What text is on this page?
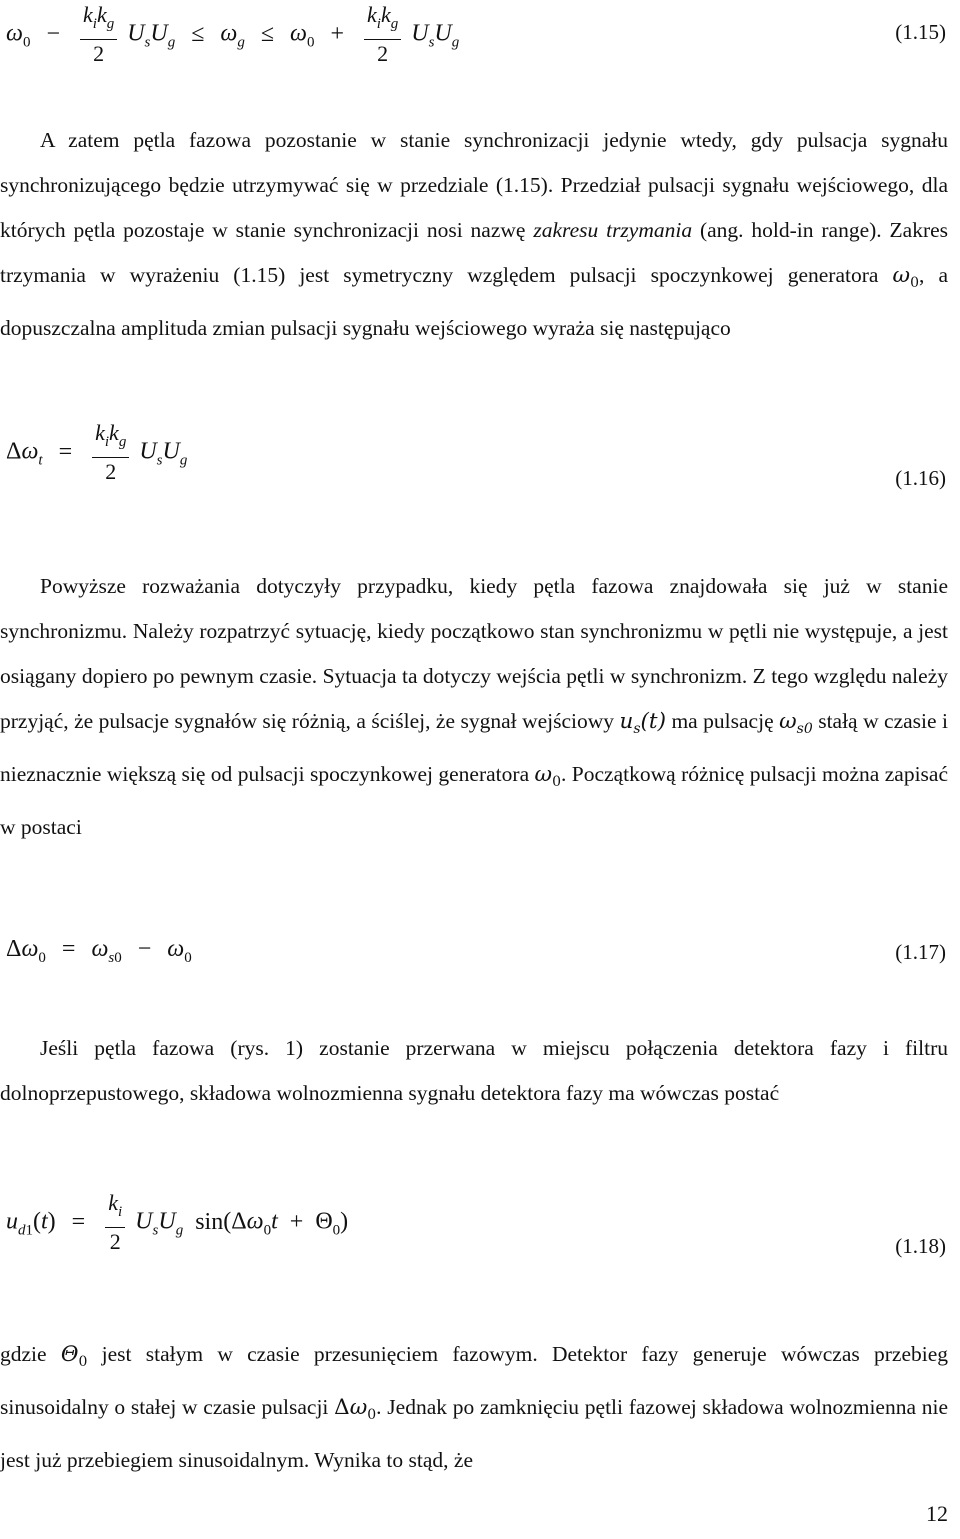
$\omega_0 - \frac{k_ik_g}{2} U_sU_g \le \omega_g \le \omega_0 + \frac{k_ik_g}{2} U_sU_g$	(1.15)

A zatem pętla fazowa pozostanie w stanie synchronizacji jedynie wtedy, gdy pulsacja sygnału synchronizującego będzie utrzymywać się w przedziale (1.15). Przedział pulsacji sygnału wejściowego, dla których pętla pozostaje w stanie synchronizacji nosi nazwę zakresu trzymania (ang. hold-in range). Zakres trzymania w wyrażeniu (1.15) jest symetryczny względem pulsacji spoczynkowej generatora $\omega_0$, a dopuszczalna amplituda zmian pulsacji sygnału wejściowego wyraża się następująco

$\Delta\omega_t = \frac{k_ik_g}{2} U_sU_g$
(1.16)

Powyższe rozważania dotyczyły przypadku, kiedy pętla fazowa znajdowała się już w stanie synchronizmu. Należy rozpatrzyć sytuację, kiedy początkowo stan synchronizmu w pętli nie występuje, a jest osiągany dopiero po pewnym czasie. Sytuacja ta dotyczy wejścia pętli w synchronizm. Z tego względu należy przyjąć, że pulsacje sygnałów się różnią, a ściślej, że sygnał wejściowy $u_s(t)$ ma pulsację $\omega_{s0}$ stałą w czasie i nieznacznie większą się od pulsacji spoczynkowej generatora $\omega_0$. Początkową różnicę pulsacji można zapisać w postaci

$\Delta\omega_0 = \omega_{s0} - \omega_0$	(1.17)

Jeśli pętla fazowa (rys. 1) zostanie przerwana w miejscu połączenia detektora fazy i filtru dolnoprzepustowego, składowa wolnozmienna sygnału detektora fazy ma wówczas postać

$u_{d1}(t) = \frac{k_i}{2} U_sU_g$ $\sin(\Delta\omega_0t + \Theta_0)$
(1.18)

gdzie $\Theta_0$ jest stałym w czasie przesunięciem fazowym. Detektor fazy generuje wówczas przebieg sinusoidalny o stałej w czasie pulsacji $\Delta\omega_0$. Jednak po zamknięciu pętli fazowej składowa wolnozmienna nie jest już przebiegiem sinusoidalnym. Wynika to stąd, że

12
